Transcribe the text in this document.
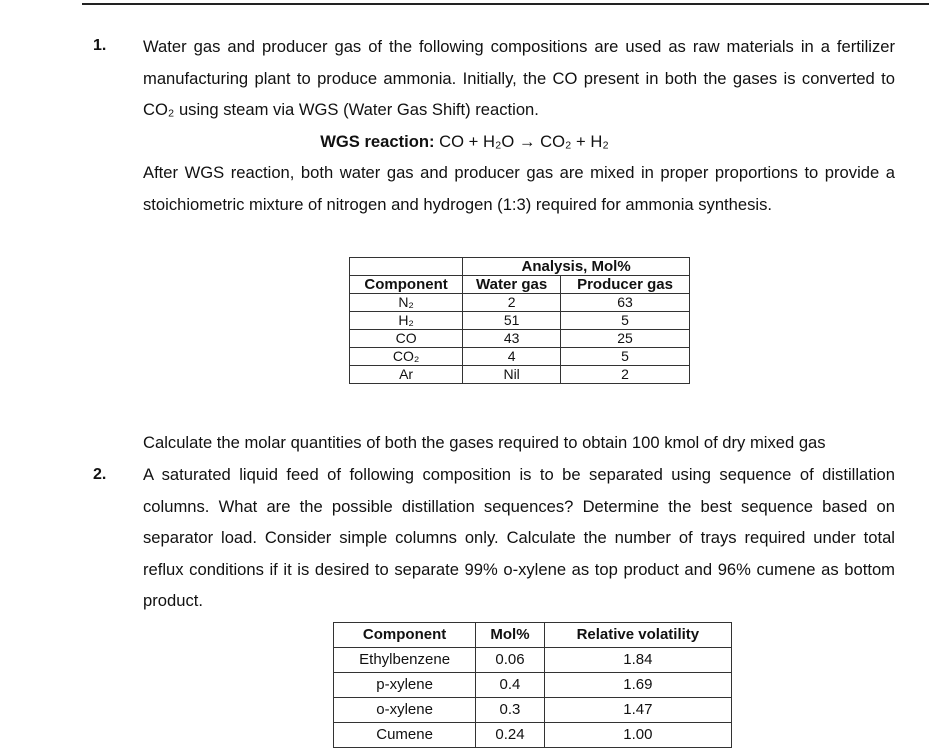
1. Water gas and producer gas of the following compositions are used as raw materials in a fertilizer manufacturing plant to produce ammonia. Initially, the CO present in both the gases is converted to CO₂ using steam via WGS (Water Gas Shift) reaction.
WGS reaction: CO + H₂O → CO₂ + H₂
After WGS reaction, both water gas and producer gas are mixed in proper proportions to provide a stoichiometric mixture of nitrogen and hydrogen (1:3) required for ammonia synthesis.
	Analysis, Mol%	
Component	Water gas	Producer gas
N₂	2	63
H₂	51	5
CO	43	25
CO₂	4	5
Ar	Nil	2
Calculate the molar quantities of both the gases required to obtain 100 kmol of dry mixed gas
2. A saturated liquid feed of following composition is to be separated using sequence of distillation columns. What are the possible distillation sequences? Determine the best sequence based on separator load. Consider simple columns only. Calculate the number of trays required under total reflux conditions if it is desired to separate 99% o-xylene as top product and 96% cumene as bottom product.
Component	Mol%	Relative volatility
Ethylbenzene	0.06	1.84
p-xylene	0.4	1.69
o-xylene	0.3	1.47
Cumene	0.24	1.00
